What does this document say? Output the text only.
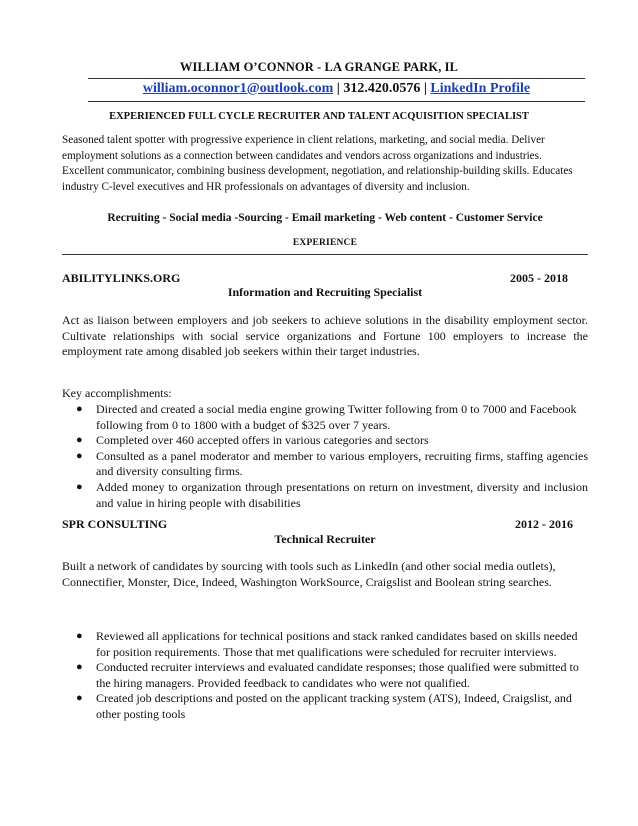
WILLIAM O’CONNOR - LA GRANGE PARK, IL
william.oconnor1@outlook.com | 312.420.0576 | LinkedIn Profile
EXPERIENCED FULL CYCLE RECRUITER AND TALENT ACQUISITION SPECIALIST

Seasoned talent spotter with progressive experience in client relations, marketing, and social media. Deliver employment solutions as a connection between candidates and vendors across organizations and industries. Excellent communicator, combining business development, negotiation, and relationship-building skills. Educates industry C-level executives and HR professionals on advantages of diversity and inclusion.

Recruiting - Social media -Sourcing - Email marketing - Web content - Customer Service
EXPERIENCE
ABILITYLINKS.ORG	2005 - 2018
Information and Recruiting Specialist

Act as liaison between employers and job seekers to achieve solutions in the disability employment sector. Cultivate relationships with social service organizations and Fortune 100 employers to increase the employment rate among disabled job seekers within their target industries.

Key accomplishments:

● Directed and created a social media engine growing Twitter following from 0 to 7000 and Facebook following from 0 to 1800 with a budget of $325 over 7 years.
● Completed over 460 accepted offers in various categories and sectors
● Consulted as a panel moderator and member to various employers, recruiting firms, staffing agencies and diversity consulting firms.
● Added money to organization through presentations on return on investment, diversity and inclusion and value in hiring people with disabilities
SPR CONSULTING	2012 - 2016
Technical Recruiter

Built a network of candidates by sourcing with tools such as LinkedIn (and other social media outlets), Connectifier, Monster, Dice, Indeed, Washington WorkSource, Craigslist and Boolean string searches.

● Reviewed all applications for technical positions and stack ranked candidates based on skills needed for position requirements. Those that met qualifications were scheduled for recruiter interviews.
● Conducted recruiter interviews and evaluated candidate responses; those qualified were submitted to the hiring managers. Provided feedback to candidates who were not qualified.
● Created job descriptions and posted on the applicant tracking system (ATS), Indeed, Craigslist, and other posting tools
